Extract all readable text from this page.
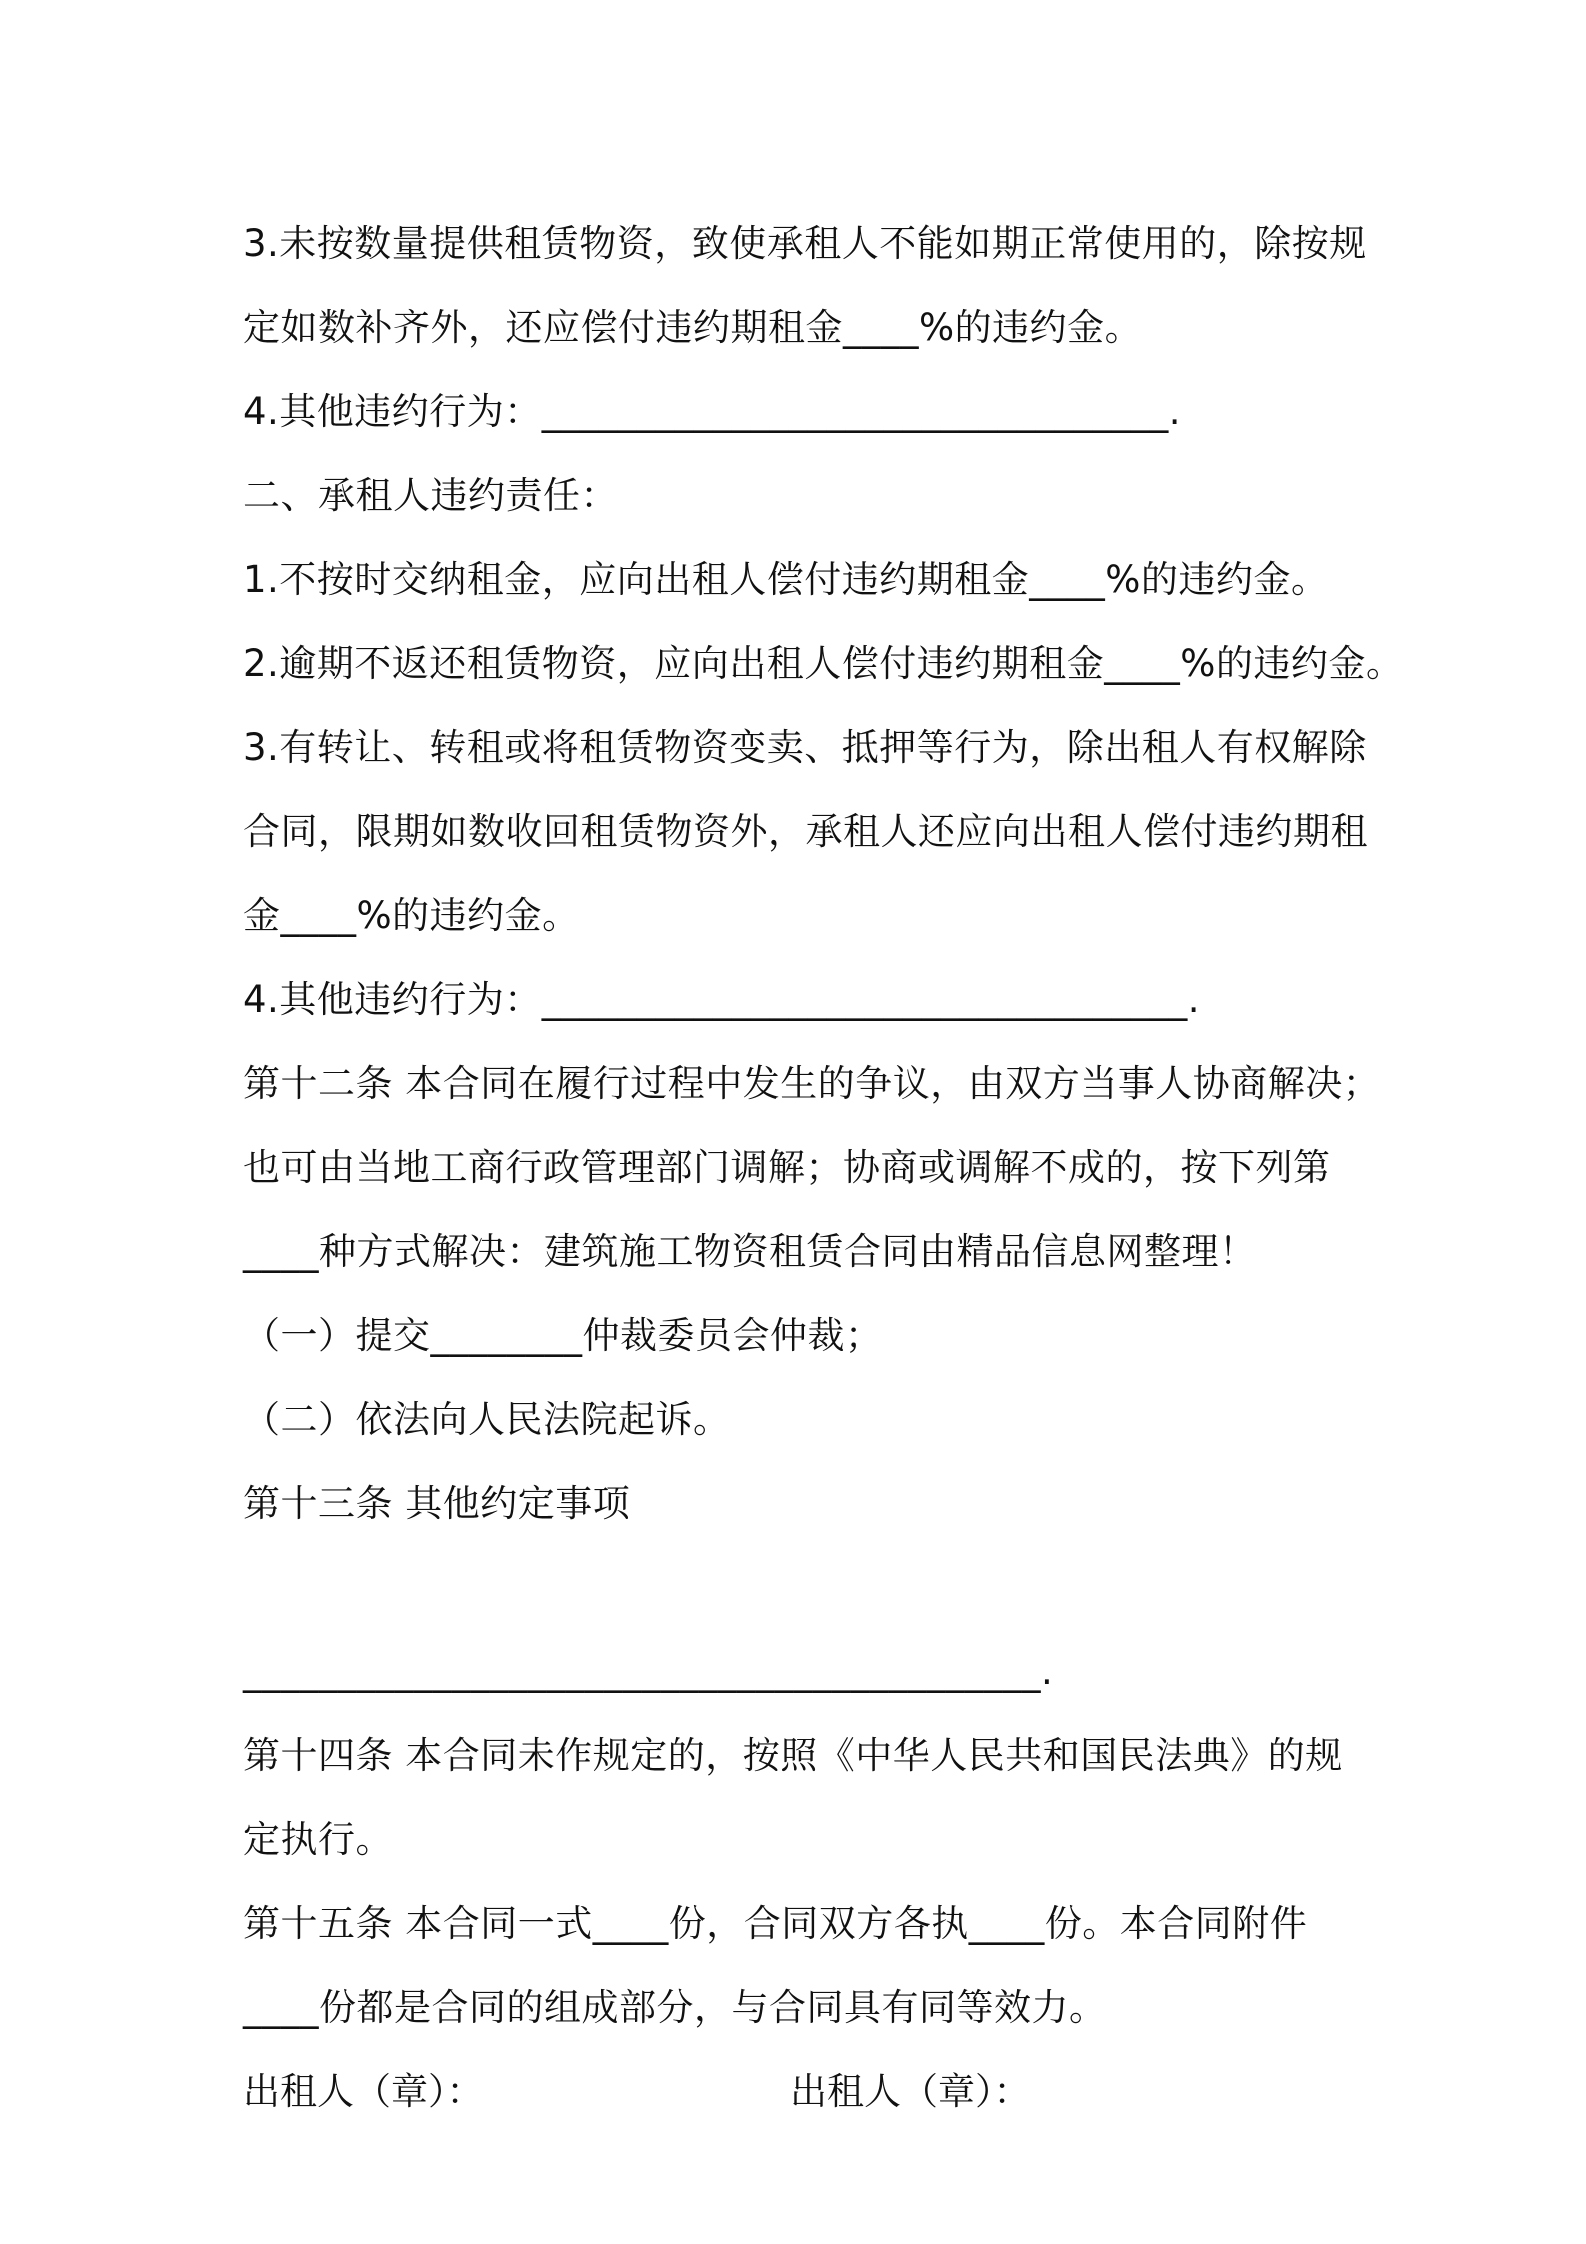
3.未按数量提供租赁物资，致使承租人不能如期正常使用的，除按规
定如数补齐外，还应偿付违约期租金____%的违约金。
4.其他违约行为：_________________________________.
二、承租人违约责任：
1.不按时交纳租金，应向出租人偿付违约期租金____%的违约金。
2.逾期不返还租赁物资，应向出租人偿付违约期租金____%的违约金。
3.有转让、转租或将租赁物资变卖、抵押等行为，除出租人有权解除
合同，限期如数收回租赁物资外，承租人还应向出租人偿付违约期租
金____%的违约金。
4.其他违约行为：__________________________________.
第十二条 本合同在履行过程中发生的争议，由双方当事人协商解决；
也可由当地工商行政管理部门调解；协商或调解不成的，按下列第
____种方式解决：建筑施工物资租赁合同由精品信息网整理！
（一）提交________仲裁委员会仲裁；
（二）依法向人民法院起诉。
第十三条 其他约定事项
__________________________________________.
第十四条 本合同未作规定的，按照《中华人民共和国民法典》的规
定执行。
第十五条 本合同一式____份，合同双方各执____份。本合同附件
____份都是合同的组成部分，与合同具有同等效力。
出租人（章）：	出租人（章）：
